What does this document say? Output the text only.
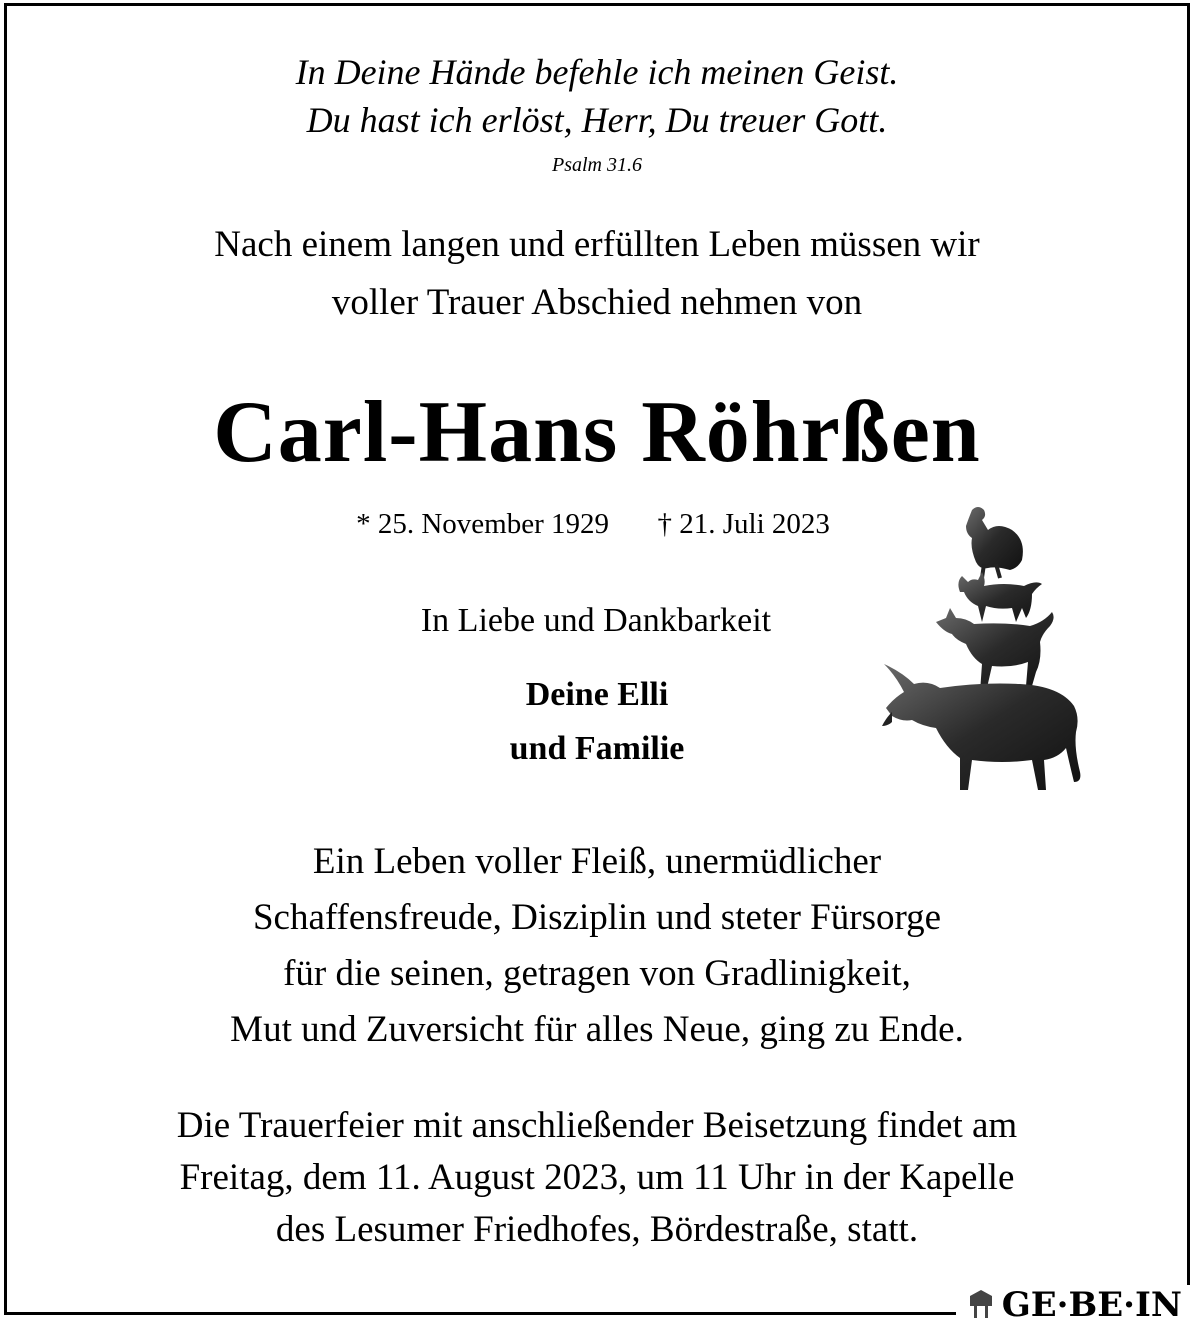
In Deine Hände befehle ich meinen Geist.
Du hast ich erlöst, Herr, Du treuer Gott.
Psalm 31.6
Nach einem langen und erfüllten Leben müssen wir
voller Trauer Abschied nehmen von
Carl-Hans Röhrßen
* 25. November 1929 † 21. Juli 2023
In Liebe und Dankbarkeit
Deine Elli
und Familie
Ein Leben voller Fleiß, unermüdlicher
Schaffensfreude, Disziplin und steter Fürsorge
für die seinen, getragen von Gradlinigkeit,
Mut und Zuversicht für alles Neue, ging zu Ende.
Die Trauerfeier mit anschließender Beisetzung findet am
Freitag, dem 11. August 2023, um 11 Uhr in der Kapelle
des Lesumer Friedhofes, Bördestraße, statt.
GE·BE·IN
